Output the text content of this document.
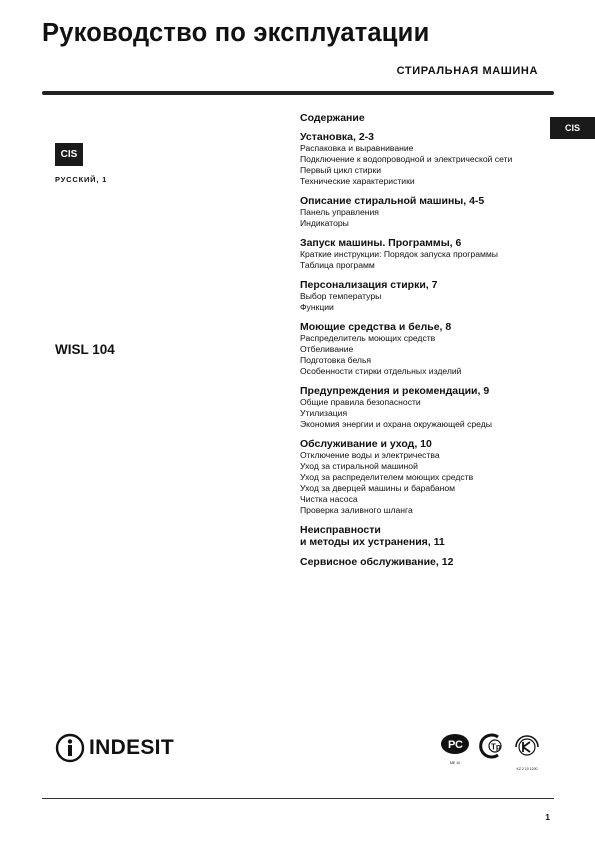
Руководство по эксплуатации
СТИРАЛЬНАЯ МАШИНА
CIS
РУССКИЙ, 1
WISL 104
CIS
Содержание
Установка, 2-3
Распаковка и выравнивание
Подключение к водопроводной и электрической сети
Первый цикл стирки
Технические характеристики
Описание стиральной машины, 4-5
Панель управления
Индикаторы
Запуск машины. Программы, 6
Краткие инструкции: Порядок запуска программы
Таблица программ
Персонализация стирки, 7
Выбор температуры
Функции
Моющие средства и белье, 8
Распределитель моющих средств
Отбеливание
Подготовка белья
Особенности стирки отдельных изделий
Предупреждения и рекомендации, 9
Общие правила безопасности
Утилизация
Экономия энергии и охрана окружающей среды
Обслуживание и уход, 10
Отключение воды и электричества
Уход за стиральной машиной
Уход за распределителем моющих средств
Уход за дверцей машины и барабаном
Чистка насоса
Проверка заливного шланга
Неисправности
и методы их устранения, 11
Сервисное обслуживание, 12
INDESIT	P C
МЕ 10
Tp
KZ 2 10 1200
1
